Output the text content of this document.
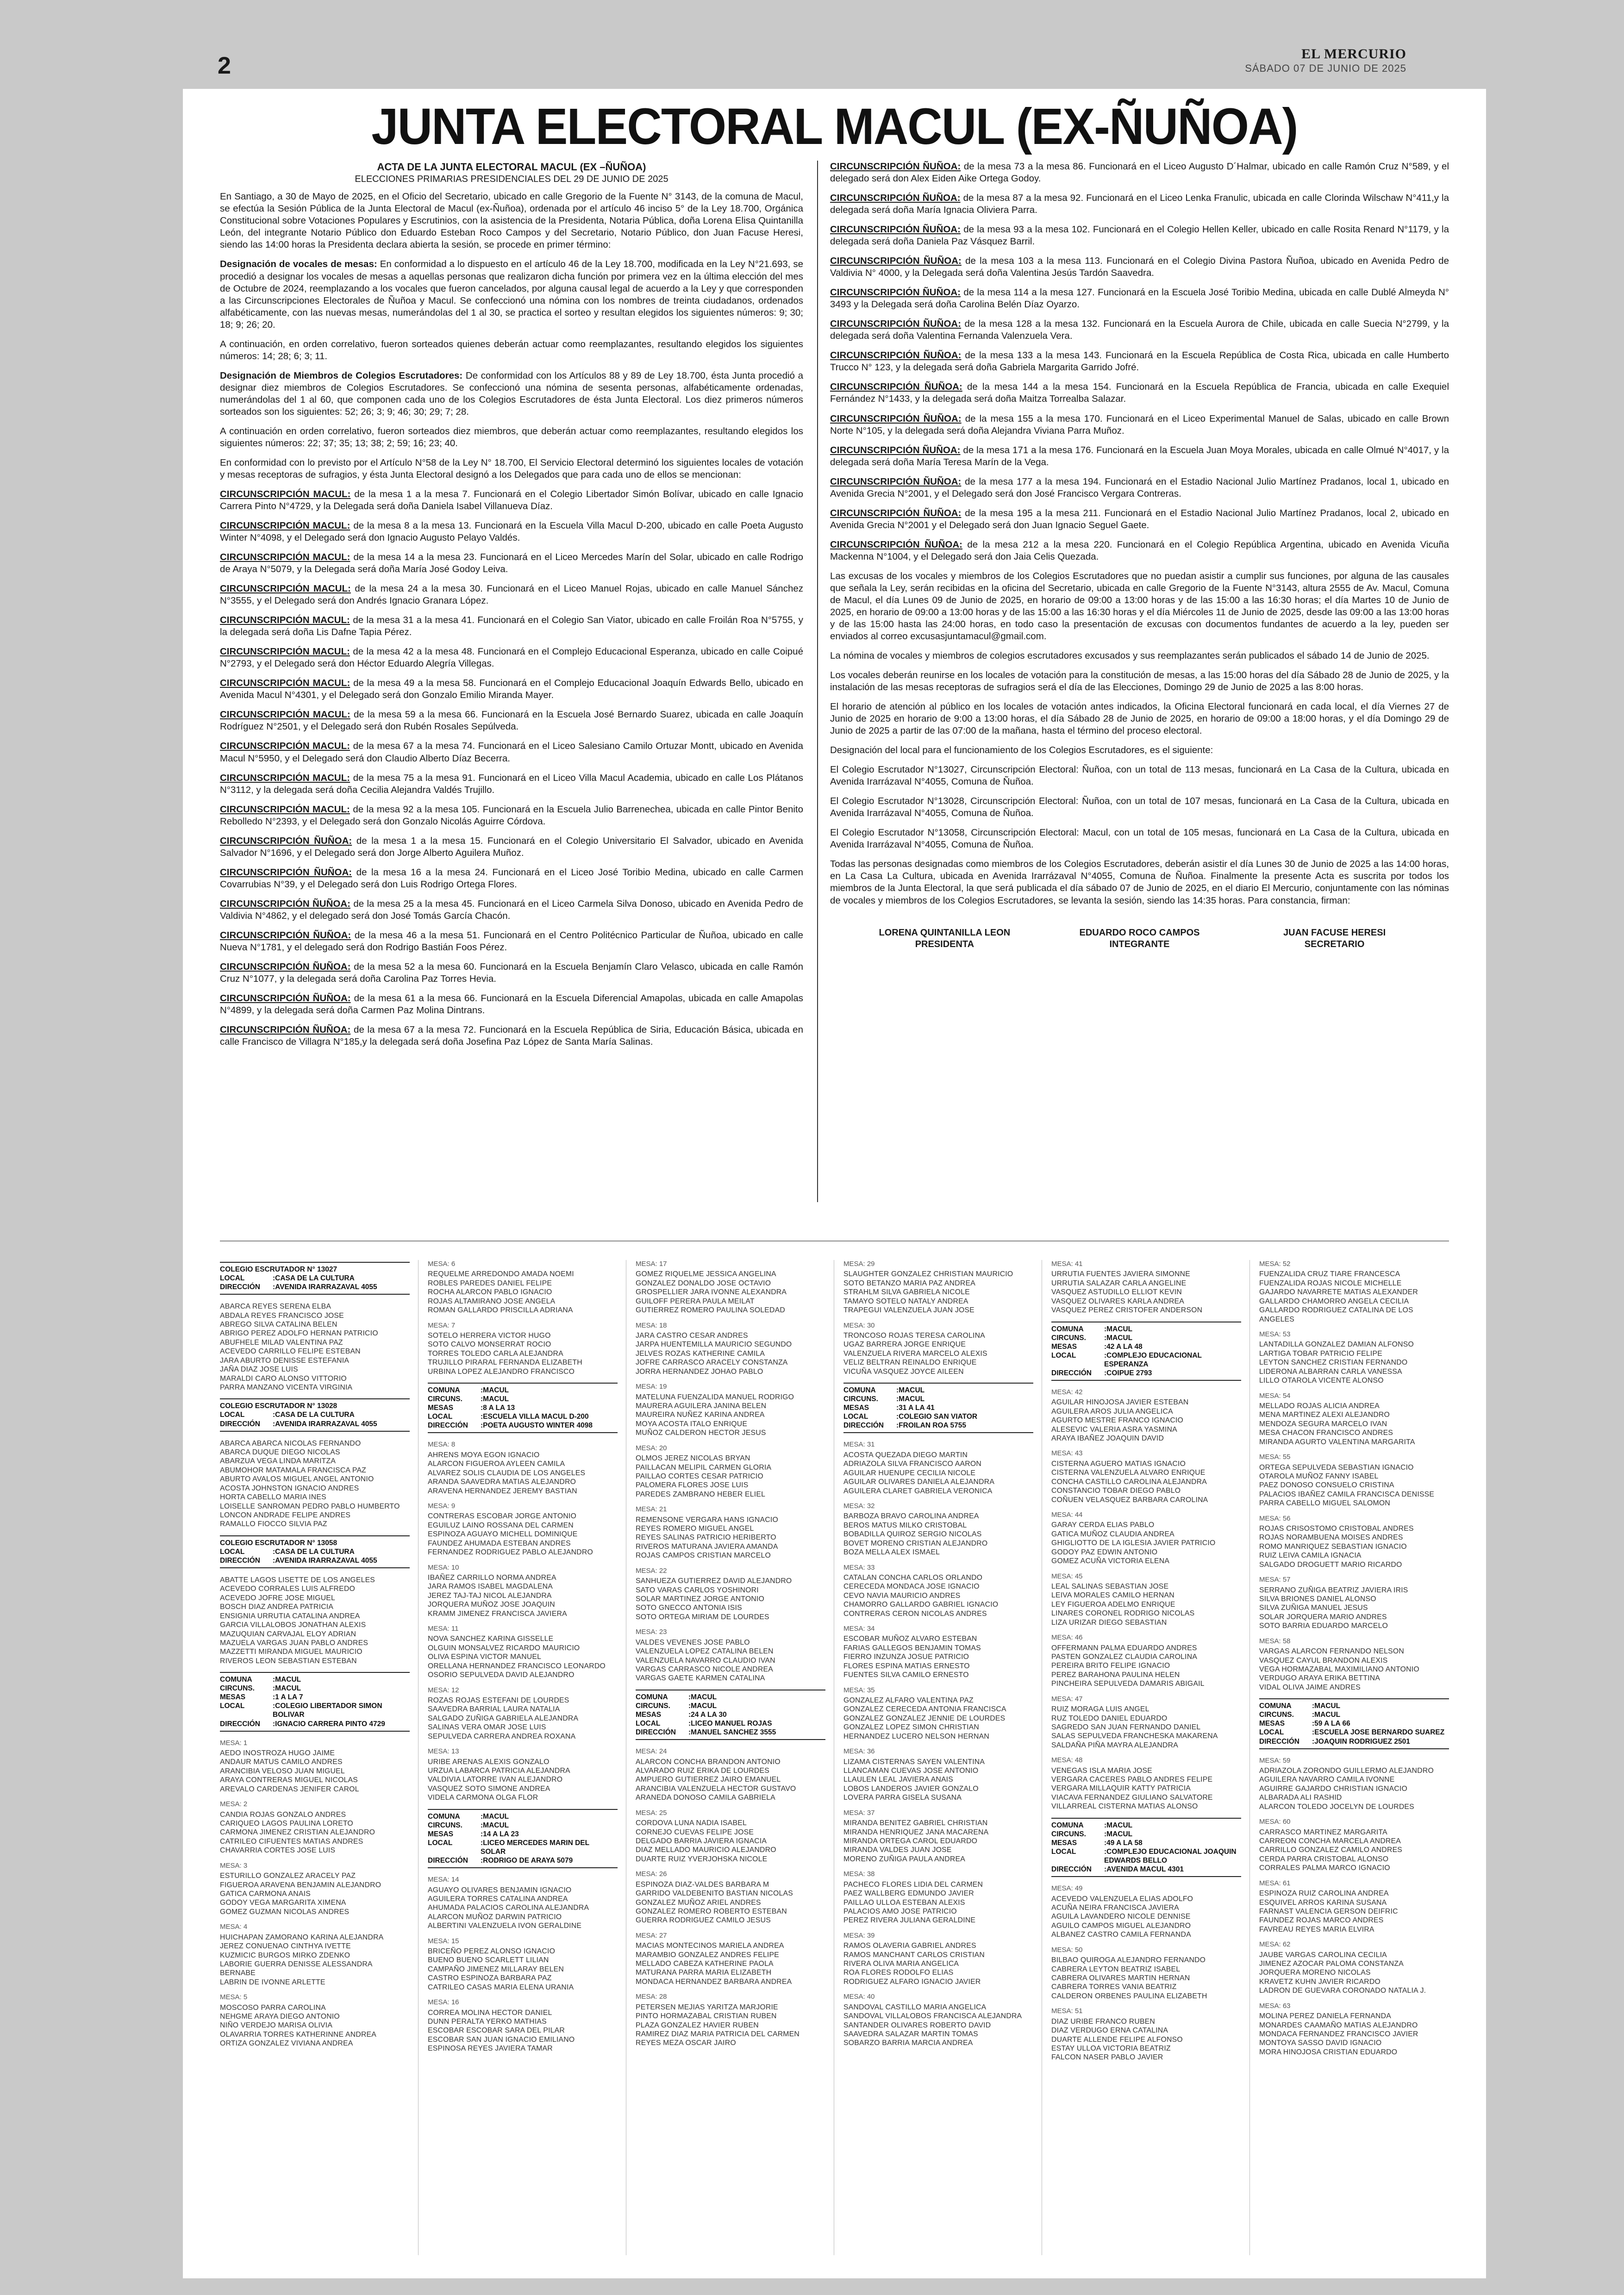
2	EL MERCURIO
SÁBADO 07 DE JUNIO DE 2025
JUNTA ELECTORAL MACUL (EX-ÑUÑOA)

ACTA DE LA JUNTA ELECTORAL MACUL (EX –ÑUÑOA)

ELECCIONES PRIMARIAS PRESIDENCIALES DEL 29 DE JUNIO DE 2025

En Santiago, a 30 de Mayo de 2025, en el Oficio del Secretario, ubicado en calle Gregorio de la Fuente N° 3143, de la comuna de Macul, se efectúa la Sesión Pública de la Junta Electoral de Macul (ex-Ñuñoa), ordenada por el artículo 46 inciso 5° de la Ley 18.700, Orgánica Constitucional sobre Votaciones Populares y Escrutinios, con la asistencia de la Presidenta, Notaria Pública, doña Lorena Elisa Quintanilla León, del integrante Notario Público don Eduardo Esteban Roco Campos y del Secretario, Notario Público, don Juan Facuse Heresi, siendo las 14:00 horas la Presidenta declara abierta la sesión, se procede en primer término:

Designación de vocales de mesas: En conformidad a lo dispuesto en el artículo 46 de la Ley 18.700, modificada en la Ley N°21.693, se procedió a designar los vocales de mesas a aquellas personas que realizaron dicha función por primera vez en la última elección del mes de Octubre de 2024, reemplazando a los vocales que fueron cancelados, por alguna causal legal de acuerdo a la Ley y que corresponden a las Circunscripciones Electorales de Ñuñoa y Macul. Se confeccionó una nómina con los nombres de treinta ciudadanos, ordenados alfabéticamente, con las nuevas mesas, numerándolas del 1 al 30, se practica el sorteo y resultan elegidos los siguientes números: 9; 30; 18; 9; 26; 20.

A continuación, en orden correlativo, fueron sorteados quienes deberán actuar como reemplazantes, resultando elegidos los siguientes números: 14; 28; 6; 3; 11.

Designación de Miembros de Colegios Escrutadores: De conformidad con los Artículos 88 y 89 de Ley 18.700, ésta Junta procedió a designar diez miembros de Colegios Escrutadores. Se confeccionó una nómina de sesenta personas, alfabéticamente ordenadas, numerándolas del 1 al 60, que componen cada uno de los Colegios Escrutadores de ésta Junta Electoral. Los diez primeros números sorteados son los siguientes: 52; 26; 3; 9; 46; 30; 29; 7; 28.

A continuación en orden correlativo, fueron sorteados diez miembros, que deberán actuar como reemplazantes, resultando elegidos los siguientes números: 22; 37; 35; 13; 38; 2; 59; 16; 23; 40.

En conformidad con lo previsto por el Artículo N°58 de la Ley N° 18.700, El Servicio Electoral determinó los siguientes locales de votación y mesas receptoras de sufragios, y ésta Junta Electoral designó a los Delegados que para cada uno de ellos se mencionan:

CIRCUNSCRIPCIÓN MACUL: de la mesa 1 a la mesa 7. Funcionará en el Colegio Libertador Simón Bolívar, ubicado en calle Ignacio Carrera Pinto N°4729, y la Delegada será doña Daniela Isabel Villanueva Díaz.

CIRCUNSCRIPCIÓN MACUL: de la mesa 8 a la mesa 13. Funcionará en la Escuela Villa Macul D-200, ubicado en calle Poeta Augusto Winter N°4098, y el Delegado será don Ignacio Augusto Pelayo Valdés.

CIRCUNSCRIPCIÓN MACUL: de la mesa 14 a la mesa 23. Funcionará en el Liceo Mercedes Marín del Solar, ubicado en calle Rodrigo de Araya N°5079, y la Delegada será doña María José Godoy Leiva.

CIRCUNSCRIPCIÓN MACUL: de la mesa 24 a la mesa 30. Funcionará en el Liceo Manuel Rojas, ubicado en calle Manuel Sánchez N°3555, y el Delegado será don Andrés Ignacio Granara López.

CIRCUNSCRIPCIÓN MACUL: de la mesa 31 a la mesa 41. Funcionará en el Colegio San Viator, ubicado en calle Froilán Roa N°5755, y la delegada será doña Lis Dafne Tapia Pérez.

CIRCUNSCRIPCIÓN MACUL: de la mesa 42 a la mesa 48. Funcionará en el Complejo Educacional Esperanza, ubicado en calle Coipué N°2793, y el Delegado será don Héctor Eduardo Alegría Villegas.

CIRCUNSCRIPCIÓN MACUL: de la mesa 49 a la mesa 58. Funcionará en el Complejo Educacional Joaquín Edwards Bello, ubicado en Avenida Macul N°4301, y el Delegado será don Gonzalo Emilio Miranda Mayer.

CIRCUNSCRIPCIÓN MACUL: de la mesa 59 a la mesa 66. Funcionará en la Escuela José Bernardo Suarez, ubicada en calle Joaquín Rodríguez N°2501, y el Delegado será don Rubén Rosales Sepúlveda.

CIRCUNSCRIPCIÓN MACUL: de la mesa 67 a la mesa 74. Funcionará en el Liceo Salesiano Camilo Ortuzar Montt, ubicado en Avenida Macul N°5950, y el Delegado será don Claudio Alberto Díaz Becerra.

CIRCUNSCRIPCIÓN MACUL: de la mesa 75 a la mesa 91. Funcionará en el Liceo Villa Macul Academia, ubicado en calle Los Plátanos N°3112, y la delegada será doña Cecilia Alejandra Valdés Trujillo.

CIRCUNSCRIPCIÓN MACUL: de la mesa 92 a la mesa 105. Funcionará en la Escuela Julio Barrenechea, ubicada en calle Pintor Benito Rebolledo N°2393, y el Delegado será don Gonzalo Nicolás Aguirre Córdova.

CIRCUNSCRIPCIÓN ÑUÑOA: de la mesa 1 a la mesa 15. Funcionará en el Colegio Universitario El Salvador, ubicado en Avenida Salvador N°1696, y el Delegado será don Jorge Alberto Aguilera Muñoz.

CIRCUNSCRIPCIÓN ÑUÑOA: de la mesa 16 a la mesa 24. Funcionará en el Liceo José Toribio Medina, ubicado en calle Carmen Covarrubias N°39, y el Delegado será don Luis Rodrigo Ortega Flores.

CIRCUNSCRIPCIÓN ÑUÑOA: de la mesa 25 a la mesa 45. Funcionará en el Liceo Carmela Silva Donoso, ubicado en Avenida Pedro de Valdivia N°4862, y el delegado será don José Tomás García Chacón.

CIRCUNSCRIPCIÓN ÑUÑOA: de la mesa 46 a la mesa 51. Funcionará en el Centro Politécnico Particular de Ñuñoa, ubicado en calle Nueva N°1781, y el delegado será don Rodrigo Bastián Foos Pérez.

CIRCUNSCRIPCIÓN ÑUÑOA: de la mesa 52 a la mesa 60. Funcionará en la Escuela Benjamín Claro Velasco, ubicada en calle Ramón Cruz N°1077, y la delegada será doña Carolina Paz Torres Hevia.

CIRCUNSCRIPCIÓN ÑUÑOA: de la mesa 61 a la mesa 66. Funcionará en la Escuela Diferencial Amapolas, ubicada en calle Amapolas N°4899, y la delegada será doña Carmen Paz Molina Dintrans.

CIRCUNSCRIPCIÓN ÑUÑOA: de la mesa 67 a la mesa 72. Funcionará en la Escuela República de Siria, Educación Básica, ubicada en calle Francisco de Villagra N°185,y la delegada será doña Josefina Paz López de Santa María Salinas.

CIRCUNSCRIPCIÓN ÑUÑOA: de la mesa 73 a la mesa 86. Funcionará en el Liceo Augusto D´Halmar, ubicado en calle Ramón Cruz N°589, y el delegado será don Alex Eiden Aike Ortega Godoy.

CIRCUNSCRIPCIÓN ÑUÑOA: de la mesa 87 a la mesa 92. Funcionará en el Liceo Lenka Franulic, ubicada en calle Clorinda Wilschaw N°411,y la delegada será doña María Ignacia Oliviera Parra.

CIRCUNSCRIPCIÓN ÑUÑOA: de la mesa 93 a la mesa 102. Funcionará en el Colegio Hellen Keller, ubicado en calle Rosita Renard N°1179, y la delegada será doña Daniela Paz Vásquez Barril.

CIRCUNSCRIPCIÓN ÑUÑOA: de la mesa 103 a la mesa 113. Funcionará en el Colegio Divina Pastora Ñuñoa, ubicado en Avenida Pedro de Valdivia N° 4000, y la Delegada será doña Valentina Jesús Tardón Saavedra.

CIRCUNSCRIPCIÓN ÑUÑOA: de la mesa 114 a la mesa 127. Funcionará en la Escuela José Toribio Medina, ubicada en calle Dublé Almeyda N° 3493 y la Delegada será doña Carolina Belén Díaz Oyarzo.

CIRCUNSCRIPCIÓN ÑUÑOA: de la mesa 128 a la mesa 132. Funcionará en la Escuela Aurora de Chile, ubicada en calle Suecia N°2799, y la delegada será doña Valentina Fernanda Valenzuela Vera.

CIRCUNSCRIPCIÓN ÑUÑOA: de la mesa 133 a la mesa 143. Funcionará en la Escuela República de Costa Rica, ubicada en calle Humberto Trucco N° 123, y la delegada será doña Gabriela Margarita Garrido Jofré.

CIRCUNSCRIPCIÓN ÑUÑOA: de la mesa 144 a la mesa 154. Funcionará en la Escuela República de Francia, ubicada en calle Exequiel Fernández N°1433, y la delegada será doña Maitza Torrealba Salazar.

CIRCUNSCRIPCIÓN ÑUÑOA: de la mesa 155 a la mesa 170. Funcionará en el Liceo Experimental Manuel de Salas, ubicado en calle Brown Norte N°105, y la delegada será doña Alejandra Viviana Parra Muñoz.

CIRCUNSCRIPCIÓN ÑUÑOA: de la mesa 171 a la mesa 176. Funcionará en la Escuela Juan Moya Morales, ubicada en calle Olmué N°4017, y la delegada será doña María Teresa Marín de la Vega.

CIRCUNSCRIPCIÓN ÑUÑOA: de la mesa 177 a la mesa 194. Funcionará en el Estadio Nacional Julio Martínez Pradanos, local 1, ubicado en Avenida Grecia N°2001, y el Delegado será don José Francisco Vergara Contreras.

CIRCUNSCRIPCIÓN ÑUÑOA: de la mesa 195 a la mesa 211. Funcionará en el Estadio Nacional Julio Martínez Pradanos, local 2, ubicado en Avenida Grecia N°2001 y el Delegado será don Juan Ignacio Seguel Gaete.

CIRCUNSCRIPCIÓN ÑUÑOA: de la mesa 212 a la mesa 220. Funcionará en el Colegio República Argentina, ubicado en Avenida Vicuña Mackenna N°1004, y el Delegado será don Jaia Celis Quezada.

Las excusas de los vocales y miembros de los Colegios Escrutadores que no puedan asistir a cumplir sus funciones, por alguna de las causales que señala la Ley, serán recibidas en la oficina del Secretario, ubicada en calle Gregorio de la Fuente N°3143, altura 2555 de Av. Macul, Comuna de Macul, el día Lunes 09 de Junio de 2025, en horario de 09:00 a 13:00 horas y de las 15:00 a las 16:30 horas; el día Martes 10 de Junio de 2025, en horario de 09:00 a 13:00 horas y de las 15:00 a las 16:30 horas y el día Miércoles 11 de Junio de 2025, desde las 09:00 a las 13:00 horas y de las 15:00 hasta las 24:00 horas, en todo caso la presentación de excusas con documentos fundantes de acuerdo a la ley, pueden ser enviados al correo excusasjuntamacul@gmail.com.

La nómina de vocales y miembros de colegios escrutadores excusados y sus reemplazantes serán publicados el sábado 14 de Junio de 2025.

Los vocales deberán reunirse en los locales de votación para la constitución de mesas, a las 15:00 horas del día Sábado 28 de Junio de 2025, y la instalación de las mesas receptoras de sufragios será el día de las Elecciones, Domingo 29 de Junio de 2025 a las 8:00 horas.

El horario de atención al público en los locales de votación antes indicados, la Oficina Electoral funcionará en cada local, el día Viernes 27 de Junio de 2025 en horario de 9:00 a 13:00 horas, el día Sábado 28 de Junio de 2025, en horario de 09:00 a 18:00 horas, y el día Domingo 29 de Junio de 2025 a partir de las 07:00 de la mañana, hasta el término del proceso electoral.

Designación del local para el funcionamiento de los Colegios Escrutadores, es el siguiente:

El Colegio Escrutador N°13027, Circunscripción Electoral: Ñuñoa, con un total de 113 mesas, funcionará en La Casa de la Cultura, ubicada en Avenida Irarrázaval N°4055, Comuna de Ñuñoa.

El Colegio Escrutador N°13028, Circunscripción Electoral: Ñuñoa, con un total de 107 mesas, funcionará en La Casa de la Cultura, ubicada en Avenida Irarrázaval N°4055, Comuna de Ñuñoa.

El Colegio Escrutador N°13058, Circunscripción Electoral: Macul, con un total de 105 mesas, funcionará en La Casa de la Cultura, ubicada en Avenida Irarrázaval N°4055, Comuna de Ñuñoa.

Todas las personas designadas como miembros de los Colegios Escrutadores, deberán asistir el día Lunes 30 de Junio de 2025 a las 14:00 horas, en La Casa La Cultura, ubicada en Avenida Irarrázaval N°4055, Comuna de Ñuñoa. Finalmente la presente Acta es suscrita por todos los miembros de la Junta Electoral, la que será publicada el día sábado 07 de Junio de 2025, en el diario El Mercurio, conjuntamente con las nóminas de vocales y miembros de los Colegios Escrutadores, se levanta la sesión, siendo las 14:35 horas. Para constancia, firman:

LORENA QUINTANILLA LEON
PRESIDENTA
EDUARDO ROCO CAMPOS
INTEGRANTE
JUAN FACUSE HERESI
SECRETARIO
COLEGIO ESCRUTADOR N° 13027	
LOCAL	:CASA DE LA CULTURA
DIRECCIÓN	:AVENIDA IRARRAZAVAL 4055
ABARCA REYES SERENA ELBA
ABDALA REYES FRANCISCO JOSE
ABREGO SILVA CATALINA BELEN
ABRIGO PEREZ ADOLFO HERNAN PATRICIO
ABUFHELE MILAD VALENTINA PAZ
ACEVEDO CARRILLO FELIPE ESTEBAN
JARA ABURTO DENISSE ESTEFANIA
JAÑA DIAZ JOSE LUIS
MARALDI CARO ALONSO VITTORIO
PARRA MANZANO VICENTA VIRGINIA
COLEGIO ESCRUTADOR N° 13028	
LOCAL	:CASA DE LA CULTURA
DIRECCIÓN	:AVENIDA IRARRAZAVAL 4055
ABARCA ABARCA NICOLAS FERNANDO
ABARCA DUQUE DIEGO NICOLAS
ABARZUA VEGA LINDA MARITZA
ABUMOHOR MATAMALA FRANCISCA PAZ
ABURTO AVALOS MIGUEL ANGEL ANTONIO
ACOSTA JOHNSTON IGNACIO ANDRES
HORTA CABELLO MARIA INES
LOISELLE SANROMAN PEDRO PABLO HUMBERTO
LONCON ANDRADE FELIPE ANDRES
RAMALLO FIOCCO SILVIA PAZ
COLEGIO ESCRUTADOR N° 13058	
LOCAL	:CASA DE LA CULTURA
DIRECCIÓN	:AVENIDA IRARRAZAVAL 4055
ABATTE LAGOS LISETTE DE LOS ANGELES
ACEVEDO CORRALES LUIS ALFREDO
ACEVEDO JOFRE JOSE MIGUEL
BOSCH DIAZ ANDREA PATRICIA
ENSIGNIA URRUTIA CATALINA ANDREA
GARCIA VILLALOBOS JONATHAN ALEXIS
MAZUQUIAN CARVAJAL ELOY ADRIAN
MAZUELA VARGAS JUAN PABLO ANDRES
MAZZETTI MIRANDA MIGUEL MAURICIO
RIVEROS LEON SEBASTIAN ESTEBAN
COMUNA	:MACUL
CIRCUNS.	:MACUL
MESAS	:1 A LA 7
LOCAL	:COLEGIO LIBERTADOR SIMON BOLIVAR
DIRECCIÓN	:IGNACIO CARRERA PINTO 4729
MESA: 1
AEDO INOSTROZA HUGO JAIME
ANDAUR MATUS CAMILO ANDRES
ARANCIBIA VELOSO JUAN MIGUEL
ARAYA CONTRERAS MIGUEL NICOLAS
AREVALO CARDENAS JENIFER CAROL
MESA: 2
CANDIA ROJAS GONZALO ANDRES
CARIQUEO LAGOS PAULINA LORETO
CARMONA JIMENEZ CRISTIAN ALEJANDRO
CATRILEO CIFUENTES MATIAS ANDRES
CHAVARRIA CORTES JOSE LUIS
MESA: 3
ESTURILLO GONZALEZ ARACELY PAZ
FIGUEROA ARAVENA BENJAMIN ALEJANDRO
GATICA CARMONA ANAIS
GODOY VEGA MARGARITA XIMENA
GOMEZ GUZMAN NICOLAS ANDRES
MESA: 4
HUICHAPAN ZAMORANO KARINA ALEJANDRA
JEREZ CONUENAO CINTHYA IVETTE
KUZMICIC BURGOS MIRKO ZDENKO
LABORIE GUERRA DENISSE ALESSANDRA BERNABE
LABRIN DE IVONNE ARLETTE
MESA: 5
MOSCOSO PARRA CAROLINA
NEHGME ARAYA DIEGO ANTONIO
NIÑO VERDEJO MARISA OLIVIA
OLAVARRIA TORRES KATHERINNE ANDREA
ORTIZA GONZALEZ VIVIANA ANDREA
MESA: 6
REQUELME ARREDONDO AMADA NOEMI
ROBLES PAREDES DANIEL FELIPE
ROCHA ALARCON PABLO IGNACIO
ROJAS ALTAMIRANO JOSE ANGELA
ROMAN GALLARDO PRISCILLA ADRIANA
MESA: 7
SOTELO HERRERA VICTOR HUGO
SOTO CALVO MONSERRAT ROCIO
TORRES TOLEDO CARLA ALEJANDRA
TRUJILLO PIRARAL FERNANDA ELIZABETH
URBINA LOPEZ ALEJANDRO FRANCISCO
COMUNA	:MACUL
CIRCUNS.	:MACUL
MESAS	:8 A LA 13
LOCAL	:ESCUELA VILLA MACUL D-200
DIRECCIÓN	:POETA AUGUSTO WINTER 4098
MESA: 8
AHRENS MOYA EGON IGNACIO
ALARCON FIGUEROA AYLEEN CAMILA
ALVAREZ SOLIS CLAUDIA DE LOS ANGELES
ARANDA SAAVEDRA MATIAS ALEJANDRO
ARAVENA HERNANDEZ JEREMY BASTIAN
MESA: 9
CONTRERAS ESCOBAR JORGE ANTONIO
EGUILUZ LAINO ROSSANA DEL CARMEN
ESPINOZA AGUAYO MICHELL DOMINIQUE
FAUNDEZ AHUMADA ESTEBAN ANDRES
FERNANDEZ RODRIGUEZ PABLO ALEJANDRO
MESA: 10
IBAÑEZ CARRILLO NORMA ANDREA
JARA RAMOS ISABEL MAGDALENA
JEREZ TAJ-TAJ NICOL ALEJANDRA
JORQUERA MUÑOZ JOSE JOAQUIN
KRAMM JIMENEZ FRANCISCA JAVIERA
MESA: 11
NOVA SANCHEZ KARINA GISSELLE
OLGUIN MONSALVEZ RICARDO MAURICIO
OLIVA ESPINA VICTOR MANUEL
ORELLANA HERNANDEZ FRANCISCO LEONARDO
OSORIO SEPULVEDA DAVID ALEJANDRO
MESA: 12
ROZAS ROJAS ESTEFANI DE LOURDES
SAAVEDRA BARRIAL LAURA NATALIA
SALGADO ZUÑIGA GABRIELA ALEJANDRA
SALINAS VERA OMAR JOSE LUIS
SEPULVEDA CARRERA ANDREA ROXANA
MESA: 13
URIBE ARENAS ALEXIS GONZALO
URZUA LABARCA PATRICIA ALEJANDRA
VALDIVIA LATORRE IVAN ALEJANDRO
VASQUEZ SOTO SIMONE ANDREA
VIDELA CARMONA OLGA FLOR
COMUNA	:MACUL
CIRCUNS.	:MACUL
MESAS	:14 A LA 23
LOCAL	:LICEO MERCEDES MARIN DEL SOLAR
DIRECCIÓN	:RODRIGO DE ARAYA 5079
MESA: 14
AGUAYO OLIVARES BENJAMIN IGNACIO
AGUILERA TORRES CATALINA ANDREA
AHUMADA PALACIOS CAROLINA ALEJANDRA
ALARCON MUÑOZ DARWIN PATRICIO
ALBERTINI VALENZUELA IVON GERALDINE
MESA: 15
BRICEÑO PEREZ ALONSO IGNACIO
BUENO BUENO SCARLETT LILIAN
CAMPAÑO JIMENEZ MILLARAY BELEN
CASTRO ESPINOZA BARBARA PAZ
CATRILEO CASAS MARIA ELENA URANIA
MESA: 16
CORREA MOLINA HECTOR DANIEL
DUNN PERALTA YERKO MATHIAS
ESCOBAR ESCOBAR SARA DEL PILAR
ESCOBAR SAN JUAN IGNACIO EMILIANO
ESPINOSA REYES JAVIERA TAMAR
MESA: 17
GOMEZ RIQUELME JESSICA ANGELINA
GONZALEZ DONALDO JOSE OCTAVIO
GROSPELLIER JARA IVONNE ALEXANDRA
GUILOFF PERERA PAULA MEILAT
GUTIERREZ ROMERO PAULINA SOLEDAD
MESA: 18
JARA CASTRO CESAR ANDRES
JARPA HUENTEMILLA MAURICIO SEGUNDO
JELVES ROZAS KATHERINE CAMILA
JOFRE CARRASCO ARACELY CONSTANZA
JORRA HERNANDEZ JOHAO PABLO
MESA: 19
MATELUNA FUENZALIDA MANUEL RODRIGO
MAURERA AGUILERA JANINA BELEN
MAUREIRA NUÑEZ KARINA ANDREA
MOYA ACOSTA ITALO ENRIQUE
MUÑOZ CALDERON HECTOR JESUS
MESA: 20
OLMOS JEREZ NICOLAS BRYAN
PAILLACAN MELIPIL CARMEN GLORIA
PAILLAO CORTES CESAR PATRICIO
PALOMERA FLORES JOSE LUIS
PAREDES ZAMBRANO HEBER ELIEL
MESA: 21
REMENSONE VERGARA HANS IGNACIO
REYES ROMERO MIGUEL ANGEL
REYES SALINAS PATRICIO HERIBERTO
RIVEROS MATURANA JAVIERA AMANDA
ROJAS CAMPOS CRISTIAN MARCELO
MESA: 22
SANHUEZA GUTIERREZ DAVID ALEJANDRO
SATO VARAS CARLOS YOSHINORI
SOLAR MARTINEZ JORGE ANTONIO
SOTO GNECCO ANTONIA ISIS
SOTO ORTEGA MIRIAM DE LOURDES
MESA: 23
VALDES VEVENES JOSE PABLO
VALENZUELA LOPEZ CATALINA BELEN
VALENZUELA NAVARRO CLAUDIO IVAN
VARGAS CARRASCO NICOLE ANDREA
VARGAS GAETE KARMEN CATALINA
COMUNA	:MACUL
CIRCUNS.	:MACUL
MESAS	:24 A LA 30
LOCAL	:LICEO MANUEL ROJAS
DIRECCIÓN	:MANUEL SANCHEZ 3555
MESA: 24
ALARCON CONCHA BRANDON ANTONIO
ALVARADO RUIZ ERIKA DE LOURDES
AMPUERO GUTIERREZ JAIRO EMANUEL
ARANCIBIA VALENZUELA HECTOR GUSTAVO
ARANEDA DONOSO CAMILA GABRIELA
MESA: 25
CORDOVA LUNA NADIA ISABEL
CORNEJO CUEVAS FELIPE JOSE
DELGADO BARRIA JAVIERA IGNACIA
DIAZ MELLADO MAURICIO ALEJANDRO
DUARTE RUIZ YVERJOHSKA NICOLE
MESA: 26
ESPINOZA DIAZ-VALDES BARBARA M
GARRIDO VALDEBENITO BASTIAN NICOLAS
GONZALEZ MUÑOZ ARIEL ANDRES
GONZALEZ ROMERO ROBERTO ESTEBAN
GUERRA RODRIGUEZ CAMILO JESUS
MESA: 27
MACIAS MONTECINOS MARIELA ANDREA
MARAMBIO GONZALEZ ANDRES FELIPE
MELLADO CABEZA KATHERINE PAOLA
MATURANA PARRA MARIA ELIZABETH
MONDACA HERNANDEZ BARBARA ANDREA
MESA: 28
PETERSEN MEJIAS YARITZA MARJORIE
PINTO HORMAZABAL CRISTIAN RUBEN
PLAZA GONZALEZ HAVIER RUBEN
RAMIREZ DIAZ MARIA PATRICIA DEL CARMEN
REYES MEZA OSCAR JAIRO
MESA: 29
SLAUGHTER GONZALEZ CHRISTIAN MAURICIO
SOTO BETANZO MARIA PAZ ANDREA
STRAHLM SILVA GABRIELA NICOLE
TAMAYO SOTELO NATALY ANDREA
TRAPEGUI VALENZUELA JUAN JOSE
MESA: 30
TRONCOSO ROJAS TERESA CAROLINA
UGAZ BARRERA JORGE ENRIQUE
VALENZUELA RIVERA MARCELO ALEXIS
VELIZ BELTRAN REINALDO ENRIQUE
VICUÑA VASQUEZ JOYCE AILEEN
COMUNA	:MACUL
CIRCUNS.	:MACUL
MESAS	:31 A LA 41
LOCAL	:COLEGIO SAN VIATOR
DIRECCIÓN	:FROILAN ROA 5755
MESA: 31
ACOSTA QUEZADA DIEGO MARTIN
ADRIAZOLA SILVA FRANCISCO AARON
AGUILAR HUENUPE CECILIA NICOLE
AGUILAR OLIVARES DANIELA ALEJANDRA
AGUILERA CLARET GABRIELA VERONICA
MESA: 32
BARBOZA BRAVO CAROLINA ANDREA
BEROS MATUS MILKO CRISTOBAL
BOBADILLA QUIROZ SERGIO NICOLAS
BOVET MORENO CRISTIAN ALEJANDRO
BOZA MELLA ALEX ISMAEL
MESA: 33
CATALAN CONCHA CARLOS ORLANDO
CERECEDA MONDACA JOSE IGNACIO
CEVO NAVIA MAURICIO ANDRES
CHAMORRO GALLARDO GABRIEL IGNACIO
CONTRERAS CERON NICOLAS ANDRES
MESA: 34
ESCOBAR MUÑOZ ALVARO ESTEBAN
FARIAS GALLEGOS BENJAMIN TOMAS
FIERRO INZUNZA JOSUE PATRICIO
FLORES ESPINA MATIAS ERNESTO
FUENTES SILVA CAMILO ERNESTO
MESA: 35
GONZALEZ ALFARO VALENTINA PAZ
GONZALEZ CERECEDA ANTONIA FRANCISCA
GONZALEZ GONZALEZ JENNIE DE LOURDES
GONZALEZ LOPEZ SIMON CHRISTIAN
HERNANDEZ LUCERO NELSON HERNAN
MESA: 36
LIZAMA CISTERNAS SAYEN VALENTINA
LLANCAMAN CUEVAS JOSE ANTONIO
LLAULEN LEAL JAVIERA ANAIS
LOBOS LANDEROS JAVIER GONZALO
LOVERA PARRA GISELA SUSANA
MESA: 37
MIRANDA BENITEZ GABRIEL CHRISTIAN
MIRANDA HENRIQUEZ JANA MACARENA
MIRANDA ORTEGA CAROL EDUARDO
MIRANDA VALDES JUAN JOSE
MORENO ZUÑIGA PAULA ANDREA
MESA: 38
PACHECO FLORES LIDIA DEL CARMEN
PAEZ WALLBERG EDMUNDO JAVIER
PAILLAO ULLOA ESTEBAN ALEXIS
PALACIOS AMO JOSE PATRICIO
PEREZ RIVERA JULIANA GERALDINE
MESA: 39
RAMOS OLAVERIA GABRIEL ANDRES
RAMOS MANCHANT CARLOS CRISTIAN
RIVERA OLIVA MARIA ANGELICA
ROA FLORES RODOLFO ELIAS
RODRIGUEZ ALFARO IGNACIO JAVIER
MESA: 40
SANDOVAL CASTILLO MARIA ANGELICA
SANDOVAL VILLALOBOS FRANCISCA ALEJANDRA
SANTANDER OLIVARES ROBERTO DAVID
SAAVEDRA SALAZAR MARTIN TOMAS
SOBARZO BARRIA MARCIA ANDREA
MESA: 41
URRUTIA FUENTES JAVIERA SIMONNE
URRUTIA SALAZAR CARLA ANGELINE
VASQUEZ ASTUDILLO ELLIOT KEVIN
VASQUEZ OLIVARES KARLA ANDREA
VASQUEZ PEREZ CRISTOFER ANDERSON
COMUNA	:MACUL
CIRCUNS.	:MACUL
MESAS	:42 A LA 48
LOCAL	:COMPLEJO EDUCACIONAL ESPERANZA
DIRECCIÓN	:COIPUE 2793
MESA: 42
AGUILAR HINOJOSA JAVIER ESTEBAN
AGUILERA AROS JULIA ANGELICA
AGURTO MESTRE FRANCO IGNACIO
ALESEVIC VALERIA ASRA YASMINA
ARAYA IBAÑEZ JOAQUIN DAVID
MESA: 43
CISTERNA AGUERO MATIAS IGNACIO
CISTERNA VALENZUELA ALVARO ENRIQUE
CONCHA CASTILLO CAROLINA ALEJANDRA
CONSTANCIO TOBAR DIEGO PABLO
COÑUEN VELASQUEZ BARBARA CAROLINA
MESA: 44
GARAY CERDA ELIAS PABLO
GATICA MUÑOZ CLAUDIA ANDREA
GHIGLIOTTO DE LA IGLESIA JAVIER PATRICIO
GODOY PAZ EDWIN ANTONIO
GOMEZ ACUÑA VICTORIA ELENA
MESA: 45
LEAL SALINAS SEBASTIAN JOSE
LEIVA MORALES CAMILO HERNAN
LEY FIGUEROA ADELMO ENRIQUE
LINARES CORONEL RODRIGO NICOLAS
LIZA URIZAR DIEGO SEBASTIAN
MESA: 46
OFFERMANN PALMA EDUARDO ANDRES
PASTEN GONZALEZ CLAUDIA CAROLINA
PEREIRA BRITO FELIPE IGNACIO
PEREZ BARAHONA PAULINA HELEN
PINCHEIRA SEPULVEDA DAMARIS ABIGAIL
MESA: 47
RUIZ MORAGA LUIS ANGEL
RUZ TOLEDO DANIEL EDUARDO
SAGREDO SAN JUAN FERNANDO DANIEL
SALAS SEPULVEDA FRANCHESKA MAKARENA
SALDAÑA PIÑA MAYRA ALEJANDRA
MESA: 48
VENEGAS ISLA MARIA JOSE
VERGARA CACERES PABLO ANDRES FELIPE
VERGARA MILLAQUIR KATTY PATRICIA
VIACAVA FERNANDEZ GIULIANO SALVATORE
VILLARREAL CISTERNA MATIAS ALONSO
COMUNA	:MACUL
CIRCUNS.	:MACUL
MESAS	:49 A LA 58
LOCAL	:COMPLEJO EDUCACIONAL JOAQUIN EDWARDS BELLO
DIRECCIÓN	:AVENIDA MACUL 4301
MESA: 49
ACEVEDO VALENZUELA ELIAS ADOLFO
ACUÑA NEIRA FRANCISCA JAVIERA
AGUILA LAVANDERO NICOLE DENNISE
AGUILO CAMPOS MIGUEL ALEJANDRO
ALBANEZ CASTRO CAMILA FERNANDA
MESA: 50
BILBAO QUIROGA ALEJANDRO FERNANDO
CABRERA LEYTON BEATRIZ ISABEL
CABRERA OLIVARES MARTIN HERNAN
CABRERA TORRES VANIA BEATRIZ
CALDERON ORBENES PAULINA ELIZABETH
MESA: 51
DIAZ URIBE FRANCO RUBEN
DIAZ VERDUGO ERNA CATALINA
DUARTE ALLENDE FELIPE ALFONSO
ESTAY ULLOA VICTORIA BEATRIZ
FALCON NASER PABLO JAVIER
MESA: 52
FUENZALIDA CRUZ TIARE FRANCESCA
FUENZALIDA ROJAS NICOLE MICHELLE
GAJARDO NAVARRETE MATIAS ALEXANDER
GALLARDO CHAMORRO ANGELA CECILIA
GALLARDO RODRIGUEZ CATALINA DE LOS ANGELES
MESA: 53
LANTADILLA GONZALEZ DAMIAN ALFONSO
LARTIGA TOBAR PATRICIO FELIPE
LEYTON SANCHEZ CRISTIAN FERNANDO
LIDERONA ALBARRAN CARLA VANESSA
LILLO OTAROLA VICENTE ALONSO
MESA: 54
MELLADO ROJAS ALICIA ANDREA
MENA MARTINEZ ALEXI ALEJANDRO
MENDOZA SEGURA MARCELO IVAN
MESA CHACON FRANCISCO ANDRES
MIRANDA AGURTO VALENTINA MARGARITA
MESA: 55
ORTEGA SEPULVEDA SEBASTIAN IGNACIO
OTAROLA MUÑOZ FANNY ISABEL
PAEZ DONOSO CONSUELO CRISTINA
PALACIOS IBAÑEZ CAMILA FRANCISCA DENISSE
PARRA CABELLO MIGUEL SALOMON
MESA: 56
ROJAS CRISOSTOMO CRISTOBAL ANDRES
ROJAS NORAMBUENA MOISES ANDRES
ROMO MANRIQUEZ SEBASTIAN IGNACIO
RUIZ LEIVA CAMILA IGNACIA
SALGADO DROGUETT MARIO RICARDO
MESA: 57
SERRANO ZUÑIGA BEATRIZ JAVIERA IRIS
SILVA BRIONES DANIEL ALONSO
SILVA ZUÑIGA MANUEL JESUS
SOLAR JORQUERA MARIO ANDRES
SOTO BARRIA EDUARDO MARCELO
MESA: 58
VARGAS ALARCON FERNANDO NELSON
VASQUEZ CAYUL BRANDON ALEXIS
VEGA HORMAZABAL MAXIMILIANO ANTONIO
VERDUGO ARAYA ERIKA BETTINA
VIDAL OLIVA JAIME ANDRES
COMUNA	:MACUL
CIRCUNS.	:MACUL
MESAS	:59 A LA 66
LOCAL	:ESCUELA JOSE BERNARDO SUAREZ
DIRECCIÓN	:JOAQUIN RODRIGUEZ 2501
MESA: 59
ADRIAZOLA ZORONDO GUILLERMO ALEJANDRO
AGUILERA NAVARRO CAMILA IVONNE
AGUIRRE GAJARDO CHRISTIAN IGNACIO
ALBARADA ALI RASHID
ALARCON TOLEDO JOCELYN DE LOURDES
MESA: 60
CARRASCO MARTINEZ MARGARITA
CARREON CONCHA MARCELA ANDREA
CARRILLO GONZALEZ CAMILO ANDRES
CERDA PARRA CRISTOBAL ALONSO
CORRALES PALMA MARCO IGNACIO
MESA: 61
ESPINOZA RUIZ CAROLINA ANDREA
ESQUIVEL ARROS KARINA SUSANA
FARNAST VALENCIA GERSON DEIFRIC
FAUNDEZ ROJAS MARCO ANDRES
FAVREAU REYES MARIA ELVIRA
MESA: 62
JAUBE VARGAS CAROLINA CECILIA
JIMENEZ AZOCAR PALOMA CONSTANZA
JORQUERA MORENO NICOLAS
KRAVETZ KUHN JAVIER RICARDO
LADRON DE GUEVARA CORONADO NATALIA J.
MESA: 63
MOLINA PEREZ DANIELA FERNANDA
MONARDES CAAMAÑO MATIAS ALEJANDRO
MONDACA FERNANDEZ FRANCISCO JAVIER
MONTOYA SASSO DAVID IGNACIO
MORA HINOJOSA CRISTIAN EDUARDO
